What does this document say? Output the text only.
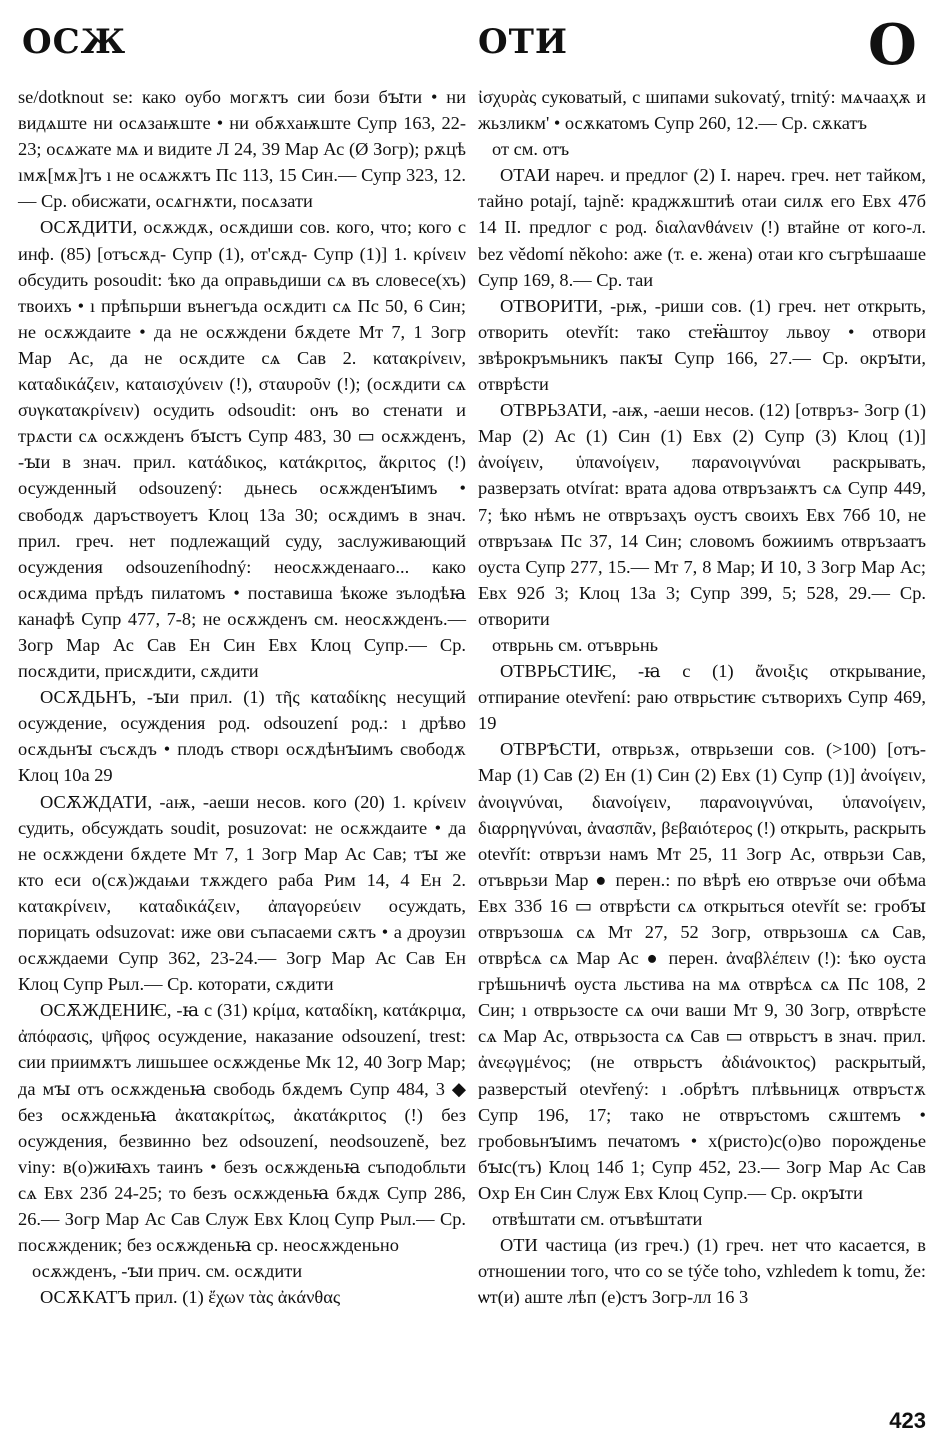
ОСЖ	ОТИ	О

se/dotknout se: како оубо могѫтъ сии бози бꙑти • ни видѧште ни осѧзаѭште • ни обѫхаѭште Супр 163, 22-23; осѧжате мѧ и видите Л 24, 39 Мар Ас (Ø Зогр); рѫцѣ ıмѫ[мѫ]тъ ı не осѧжѫтъ Пс 113, 15 Син.— Супр 323, 12.— Ср. обисжати, осѧгнѫти, посѧзати

ОСѪДИТИ, осѫждѫ, осѫдиши сов. кого, что; кого с инф. (85) [отъсѫд- Супр (1), от'сѫд- Супр (1)] 1. κρίνειν обсудить posoudit: ѣко да оправьдиши сѧ въ словесе(хъ) твоихъ • ı прѣпьрши вънегъда осѫдитı сѧ Пс 50, 6 Син; не осѫждаите • да не осѫждени бѫдете Мт 7, 1 Зогр Мар Ас, да не осѫдите сѧ Сав 2. κατακρίνειν, καταδικάζειν, καταισχύνειν (!), σταυροῦν (!); (осѫдити сѧ συγκατακρίνειν) осудить odsoudit: онъ во стенати и трѧсти сѧ осѫжденъ бꙑстъ Супр 483, 30 ▭ осѫжденъ, -ꙑи в знач. прил. κατάδικος, κατάκριτος, ἄκριτος (!) осужденный odsouzený: дьнесь осѫжденꙑимъ • свободѫ даръствоуетъ Клоц 13а 30; осѫдимъ в знач. прил. греч. нет подлежащий суду, заслуживающий осуждения odsouzeníhodný: неосѫжденааго... како осѫдима прѣдъ пилатомъ • поставиша ѣкоже зълодѣꙗ канафѣ Супр 477, 7-8; не осѫжденъ см. неосѫжденъ.— Зогр Мар Ас Сав Ен Син Евх Клоц Супр.— Ср. посѫдити, присѫдити, сѫдити

ОСѪДЬНЪ, -ꙑи прил. (1) τῆς καταδίκης несущий осуждение, осуждения род. odsouzení род.: ı дрѣво осѫдьнꙑ съсѫдъ • плодъ створı осѫдѣнꙑимъ свободѫ Клоц 10а 29

ОСѪЖДАТИ, -аѭ, -аеши несов. кого (20) 1. κρίνειν судить, обсуждать soudit, posuzovat: не осѫждаите • да не осѫждени бѫдете Мт 7, 1 Зогр Мар Ас Сав; тꙑ же кто еси о(сѫ)ждаѩи тѫждего раба Рим 14, 4 Ен 2. κατακρίνειν, καταδικάζειν, ἀπαγορεύειν осуждать, порицать odsuzovat: иже ови съпасаеми сѫтъ • а дроузиı осѫждаеми Супр 362, 23-24.— Зогр Мар Ас Сав Ен Клоц Супр Рыл.— Ср. которати, сѫдити

ОСѪЖДЕНИѤ, -ꙗ с (31) κρίμα, καταδίκη, κατάκριμα, ἀπόφασις, ψῆφος осуждение, наказание odsouzení, trest: сии приимѫтъ лишьшее осѫжденье Мк 12, 40 Зогр Мар; да мꙑ отъ осѫжденьꙗ свободь бѫдемъ Супр 484, 3 ◆ без осѫжденьꙗ ἀκατακρίτως, ἀκατάκριτος (!) без осуждения, безвинно bez odsouzení, neodsouzeně, bez viny: в(о)жиꙗхъ таинъ • безъ осѫжденьꙗ съподобльти сѧ Евх 23б 24-25; то безъ осѫжденьꙗ бѫдѫ Супр 286, 26.— Зогр Мар Ас Сав Служ Евх Клоц Супр Рыл.— Ср. посѫжденик; без осѫжденьꙗ ср. неосѫжденьно

осѫжденъ, -ꙑи прич. см. осѫдити

ОСѪКАТЪ прил. (1) ἔχων τὰς ἀκάνθας

ἰσχυρὰς суковатый, с шипами sukovatý, trnitý: мѧчааҳѫ и жьзликм' • осѫкатомъ Супр 260, 12.— Ср. сѫкатъ

от см. отъ

ОТАИ нареч. и предлог (2) I. нареч. греч. нет тайком, тайно potají, tajně: краджѫштиѣ отаи силѫ его Евх 47б 14 II. предлог с род. διαλανθάνειν (!) втайне от кого-л. bez vědomí někoho: аже (т. е. жена) отаи кго съгрѣшааше Супр 169, 8.— Ср. таи

ОТВОРИТИ, -рѭ, -риши сов. (1) греч. нет открыть, отворить otevřít: тако стеꙗ̈штоу львоу • отвори звѣрокръмьникъ пакꙑ Супр 166, 27.— Ср. окрꙑти, отврѣсти

ОТВРЬЗАТИ, -аѭ, -аеши несов. (12) [отвръз- Зогр (1) Мар (2) Ас (1) Син (1) Евх (2) Супр (3) Клоц (1)] ἀνοίγειν, ὑπανοίγειν, παρανοιγνύναι раскрывать, разверзать otvírat: врата адова отвръзаѭтъ сѧ Супр 449, 7; ѣко нѣмъ не отвръзаҳъ оустъ своихъ Евх 76б 10, не отвръзаѩ Пс 37, 14 Син; словомъ божиимъ отвръзаатъ оуста Супр 277, 15.— Мт 7, 8 Мар; И 10, 3 Зогр Мар Ас; Евх 92б 3; Клоц 13а 3; Супр 399, 5; 528, 29.— Ср. отворити

отврьнь см. отъврьнь

ОТВРЬСТИѤ, -ꙗ с (1) ἄνοιξις открывание, отпирание otevření: раю отврьстиѥ сътворихъ Супр 469, 19

ОТВРѢСТИ, отврьзѫ, отврьзеши сов. (>100) [отъ- Мар (1) Сав (2) Ен (1) Син (2) Евх (1) Супр (1)] ἀνοίγειν, ἀνοιγνύναι, διανοίγειν, παρανοιγνύναι, ὑπανοίγειν, διαρρηγνύναι, ἀνασπᾶν, βεβαιότερος (!) открыть, раскрыть otevřít: отвръзи намъ Мт 25, 11 Зогр Ас, отврьзи Сав, отъврьзи Мар ● перен.: по вѣрѣ ею отвръзе очи обѣма Евх 33б 16 ▭ отврѣсти сѧ открыться otevřít se: гробꙑ отвръзошѧ сѧ Мт 27, 52 Зогр, отврьзошѧ сѧ Сав, отврѣсѧ сѧ Мар Ас ● перен. ἀναβλέπειν (!): ѣко оуста грѣшьничѣ оуста льстива на мѧ отврѣсѧ сѧ Пс 108, 2 Син; ı отврьзосте сѧ очи ваши Мт 9, 30 Зогр, отврѣсте сѧ Мар Ас, отврьзоста сѧ Сав ▭ отврьстъ в знач. прил. ἀνεῳγμένος; (не отврьстъ ἀδιάνοικτος) раскрытый, разверстый otevřený: ı .обрѣтъ плѣвьницѫ отвръстѫ Супр 196, 17; тако не отвръстомъ сѫштемъ • гробовьнꙑимъ печатомъ • х(ристо)с(о)во пороҗденье бꙑс(тъ) Клоц 14б 1; Супр 452, 23.— Зогр Мар Ас Сав Охр Ен Син Служ Евх Клоц Супр.— Ср. окрꙑти

отвѣштати см. отъвѣштати

ОТИ частица (из греч.) (1) греч. нет что касается, в отношении того, что co se týče toho, vzhledem k tomu, že: ѡт(и) аште лѣп (е)стъ Зогр-лл 16 3

423
